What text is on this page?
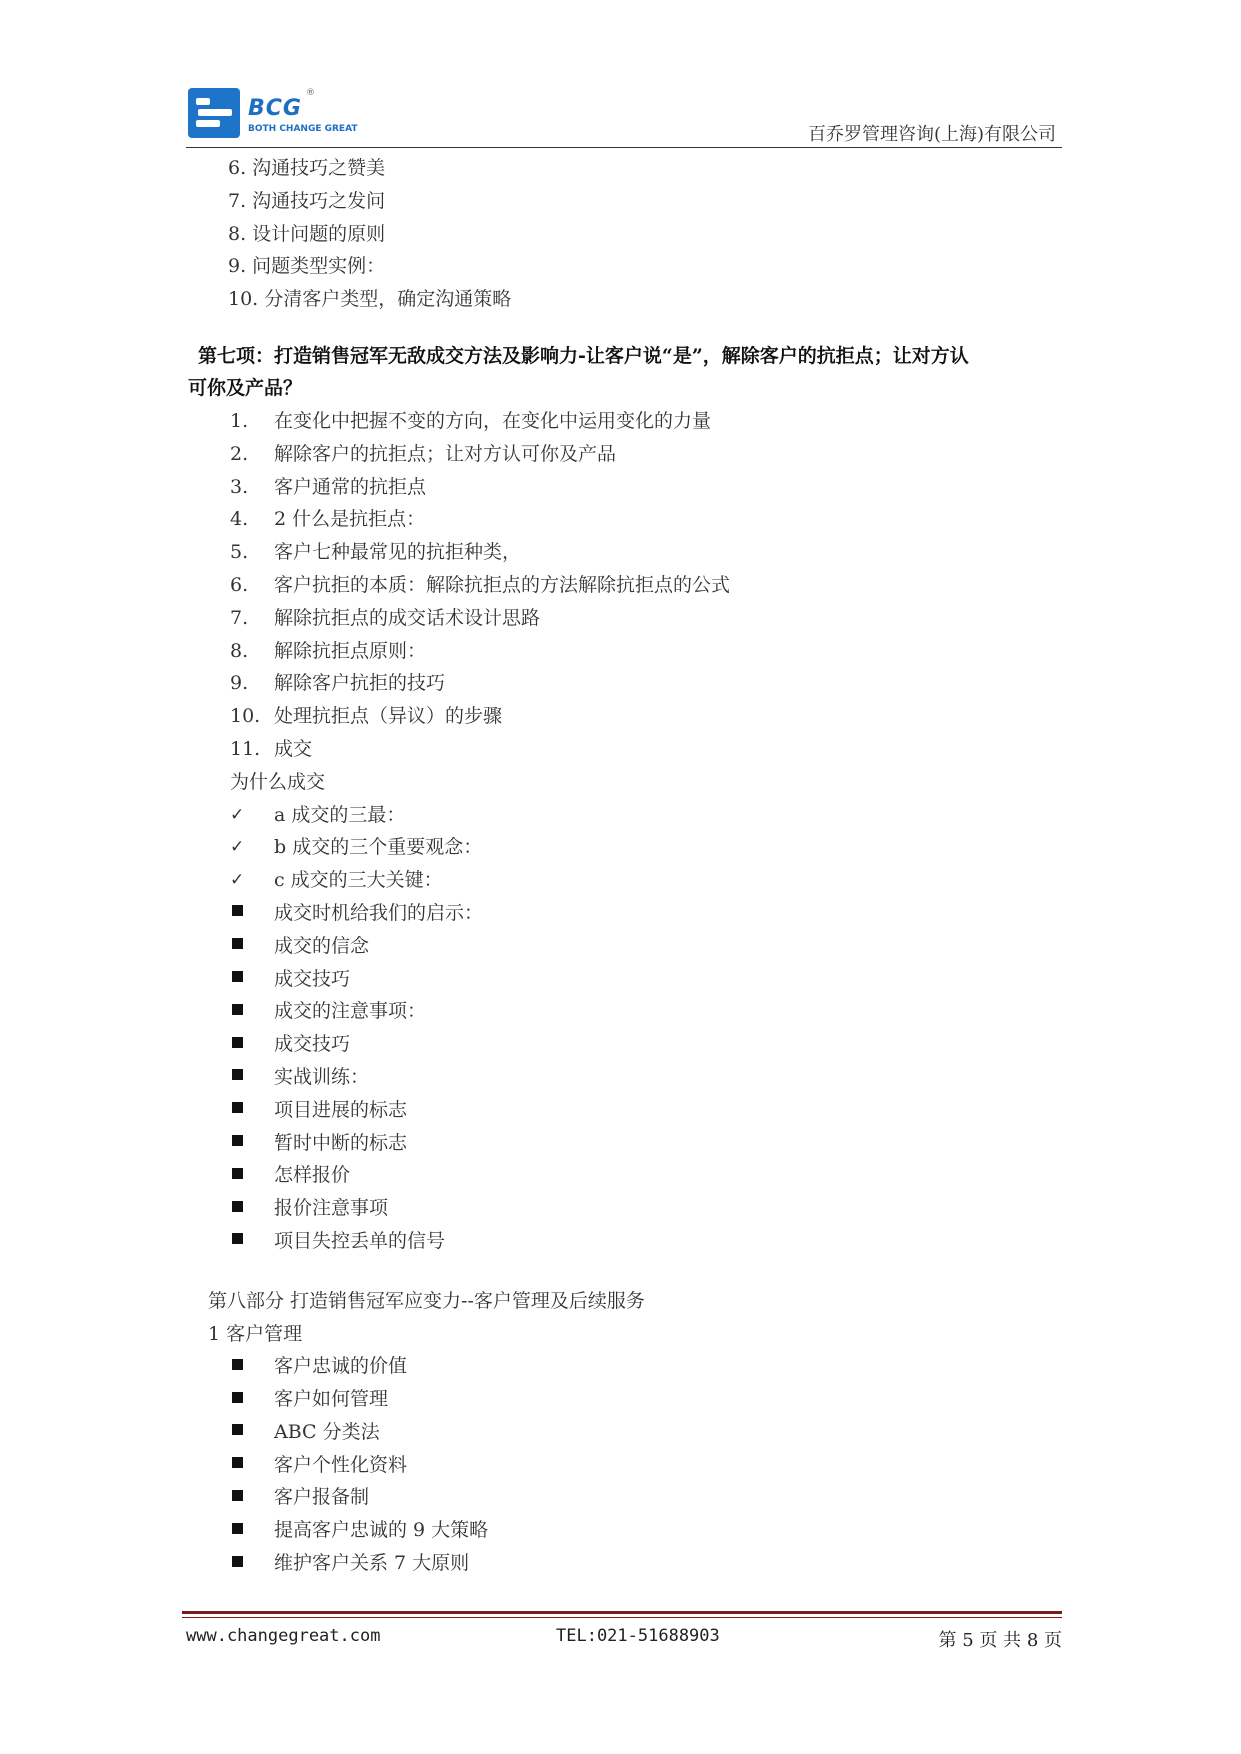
BCG
®
BOTH CHANGE GREAT	百乔罗管理咨询(上海)有限公司
6. 沟通技巧之赞美
7. 沟通技巧之发问
8. 设计问题的原则
9. 问题类型实例：
10. 分清客户类型，确定沟通策略
第七项：打造销售冠军无敌成交方法及影响力-让客户说“是”，解除客户的抗拒点；让对方认
可你及产品？
1.	在变化中把握不变的方向，在变化中运用变化的力量
2.	解除客户的抗拒点；让对方认可你及产品
3.	客户通常的抗拒点
4.	2 什么是抗拒点：
5.	客户七种最常见的抗拒种类，
6.	客户抗拒的本质：解除抗拒点的方法解除抗拒点的公式
7.	解除抗拒点的成交话术设计思路
8.	解除抗拒点原则：
9.	解除客户抗拒的技巧
10. 处理抗拒点（异议）的步骤
11. 成交
为什么成交
✓	a 成交的三最：
✓	b 成交的三个重要观念：
✓	c 成交的三大关键：
成交时机给我们的启示：
成交的信念
成交技巧
成交的注意事项：
成交技巧
实战训练：
项目进展的标志
暂时中断的标志
怎样报价
报价注意事项
项目失控丢单的信号
第八部分 打造销售冠军应变力--客户管理及后续服务
1 客户管理
客户忠诚的价值
客户如何管理
ABC 分类法
客户个性化资料
客户报备制
提高客户忠诚的 9 大策略
维护客户关系 7 大原则
www.changegreat.com	TEL:021-51688903	第 5 页 共 8 页
